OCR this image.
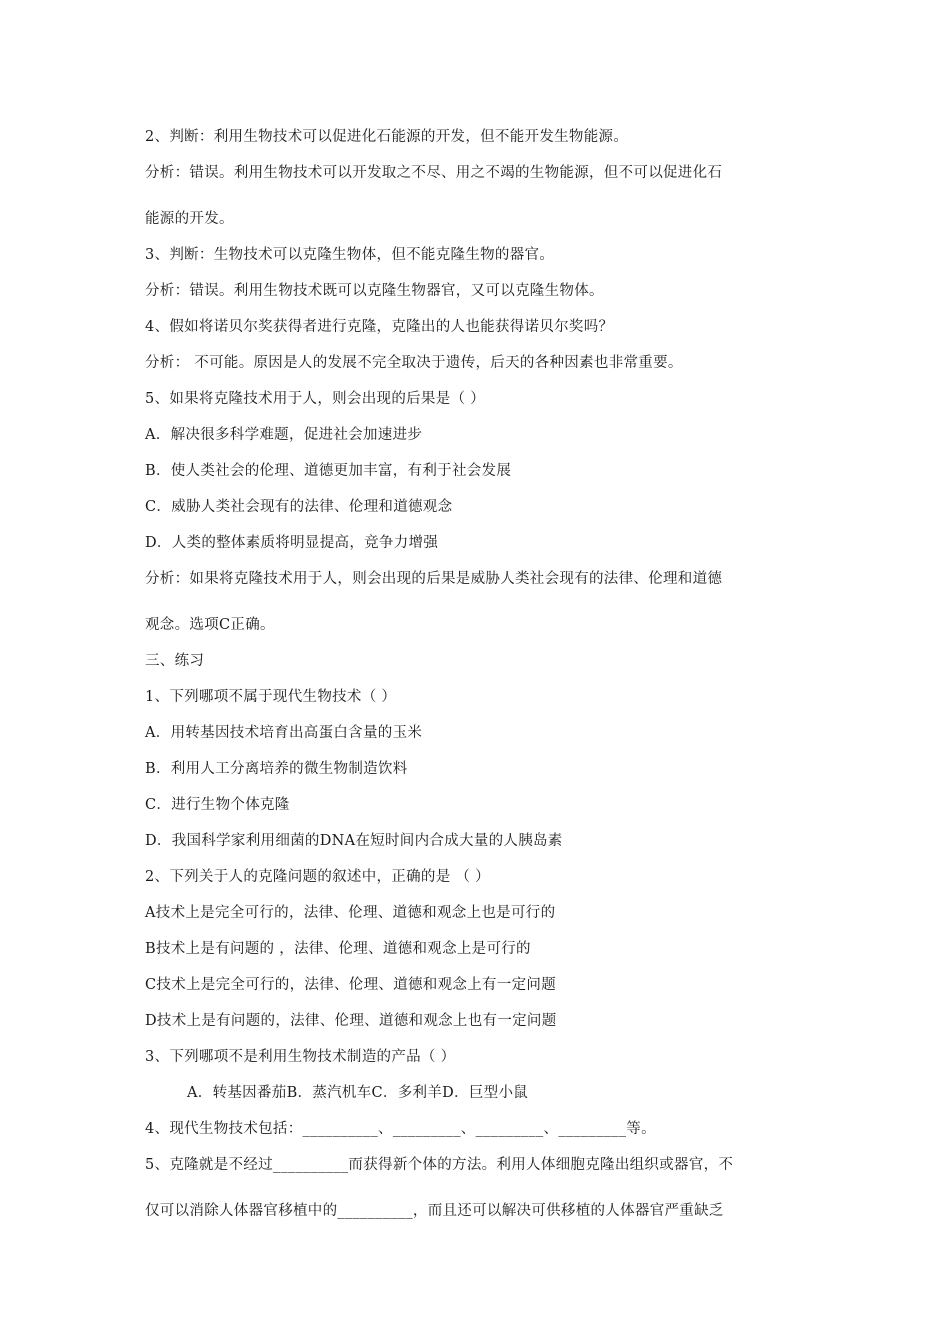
2、判断：利用生物技术可以促进化石能源的开发，但不能开发生物能源。
分析：错误。利用生物技术可以开发取之不尽、用之不竭的生物能源，但不可以促进化石
能源的开发。
3、判断：生物技术可以克隆生物体，但不能克隆生物的器官。
分析：错误。利用生物技术既可以克隆生物器官，又可以克隆生物体。
4、假如将诺贝尔奖获得者进行克隆，克隆出的人也能获得诺贝尔奖吗？
分析： 不可能。原因是人的发展不完全取决于遗传，后天的各种因素也非常重要。
5、如果将克隆技术用于人，则会出现的后果是（ ）
A．解决很多科学难题，促进社会加速进步
B．使人类社会的伦理、道德更加丰富，有利于社会发展
C．威胁人类社会现有的法律、伦理和道德观念
D．人类的整体素质将明显提高，竞争力增强
分析：如果将克隆技术用于人，则会出现的后果是威胁人类社会现有的法律、伦理和道德
观念。选项C正确。
三、练习
1、下列哪项不属于现代生物技术（ ）
A．用转基因技术培育出高蛋白含量的玉米
B．利用人工分离培养的微生物制造饮料
C．进行生物个体克隆
D．我国科学家利用细菌的DNA在短时间内合成大量的人胰岛素
2、下列关于人的克隆问题的叙述中，正确的是 （ ）
A技术上是完全可行的，法律、伦理、道德和观念上也是可行的
B技术上是有问题的 ，法律、伦理、道德和观念上是可行的
C技术上是完全可行的，法律、伦理、道德和观念上有一定问题
D技术上是有问题的，法律、伦理、道德和观念上也有一定问题
3、下列哪项不是利用生物技术制造的产品（ ）
A．转基因番茄B．蒸汽机车C．多利羊D．巨型小鼠
4、现代生物技术包括：__________、_________、_________、_________等。
5、克隆就是不经过__________而获得新个体的方法。利用人体细胞克隆出组织或器官，不
仅可以消除人体器官移植中的__________，而且还可以解决可供移植的人体器官严重缺乏
